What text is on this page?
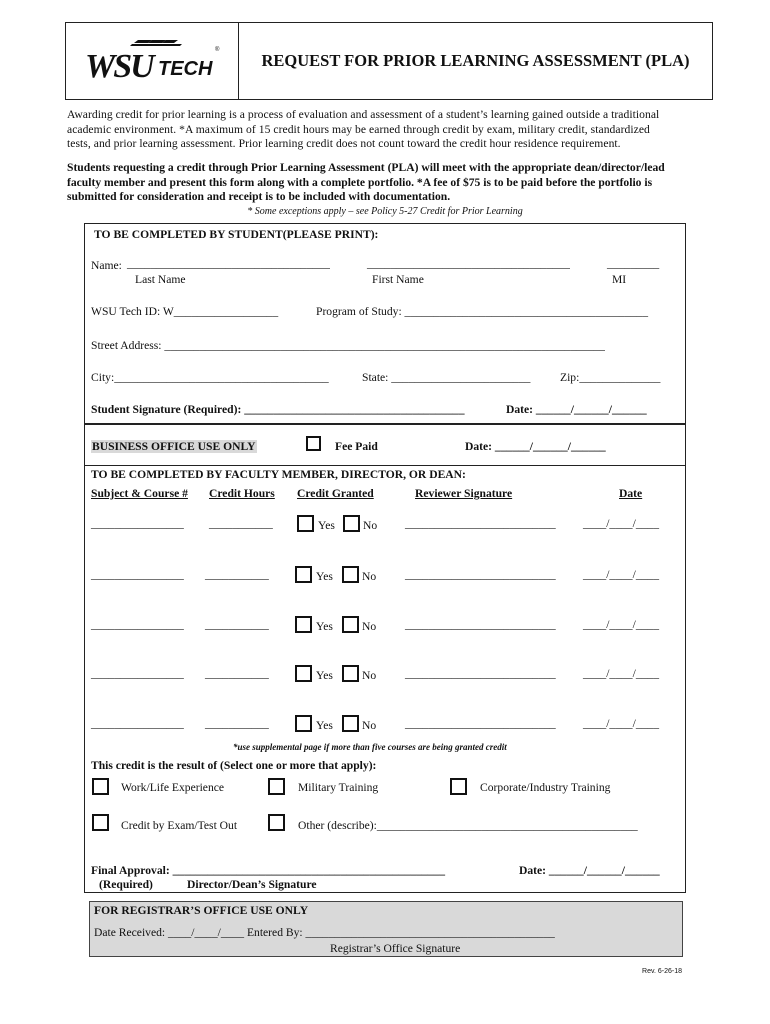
WSU TECH
®
REQUEST FOR PRIOR LEARNING ASSESSMENT (PLA)
Awarding credit for prior learning is a process of evaluation and assessment of a student’s learning gained outside a traditional
academic environment. *A maximum of 15 credit hours may be earned through credit by exam, military credit, standardized
tests, and prior learning assessment. Prior learning credit does not count toward the credit hour residence requirement.
Students requesting a credit through Prior Learning Assessment (PLA) will meet with the appropriate dean/director/lead
faculty member and present this form along with a complete portfolio. *A fee of $75 is to be paid before the portfolio is
submitted for consideration and receipt is to be included with documentation.
* Some exceptions apply – see Policy 5-27 Credit for Prior Learning
TO BE COMPLETED BY STUDENT(PLEASE PRINT):
Name: ___________________________________	___________________________________	_________
Last Name	First Name	MI
WSU Tech ID: W__________________	Program of Study: __________________________________________
Street Address: ____________________________________________________________________________
City:_____________________________________	State: ________________________	Zip:______________
Student Signature (Required): ______________________________________	Date: ______/______/______
BUSINESS OFFICE USE ONLY	Fee Paid	Date: ______/______/______
TO BE COMPLETED BY FACULTY MEMBER, DIRECTOR, OR DEAN:
Subject & Course # Credit Hours Credit Granted	Reviewer Signature	Date
________________ ___________	Yes No __________________________ ____/____/____
________________ ___________	Yes	No __________________________ ____/____/____
________________ ___________	Yes	No __________________________ ____/____/____
________________ ___________	Yes	No __________________________ ____/____/____
________________ ___________	Yes	No __________________________ ____/____/____
*use supplemental page if more than five courses are being granted credit
This credit is the result of (Select one or more that apply):
Work/Life Experience	Military Training	Corporate/Industry Training
Credit by Exam/Test Out	Other (describe):_____________________________________________
Final Approval: _______________________________________________	Date: ______/______/______
(Required)	Director/Dean’s Signature
FOR REGISTRAR’S OFFICE USE ONLY
Date Received: ____/____/____ Entered By: ___________________________________________
Registrar’s Office Signature
Rev. 6-26-18
